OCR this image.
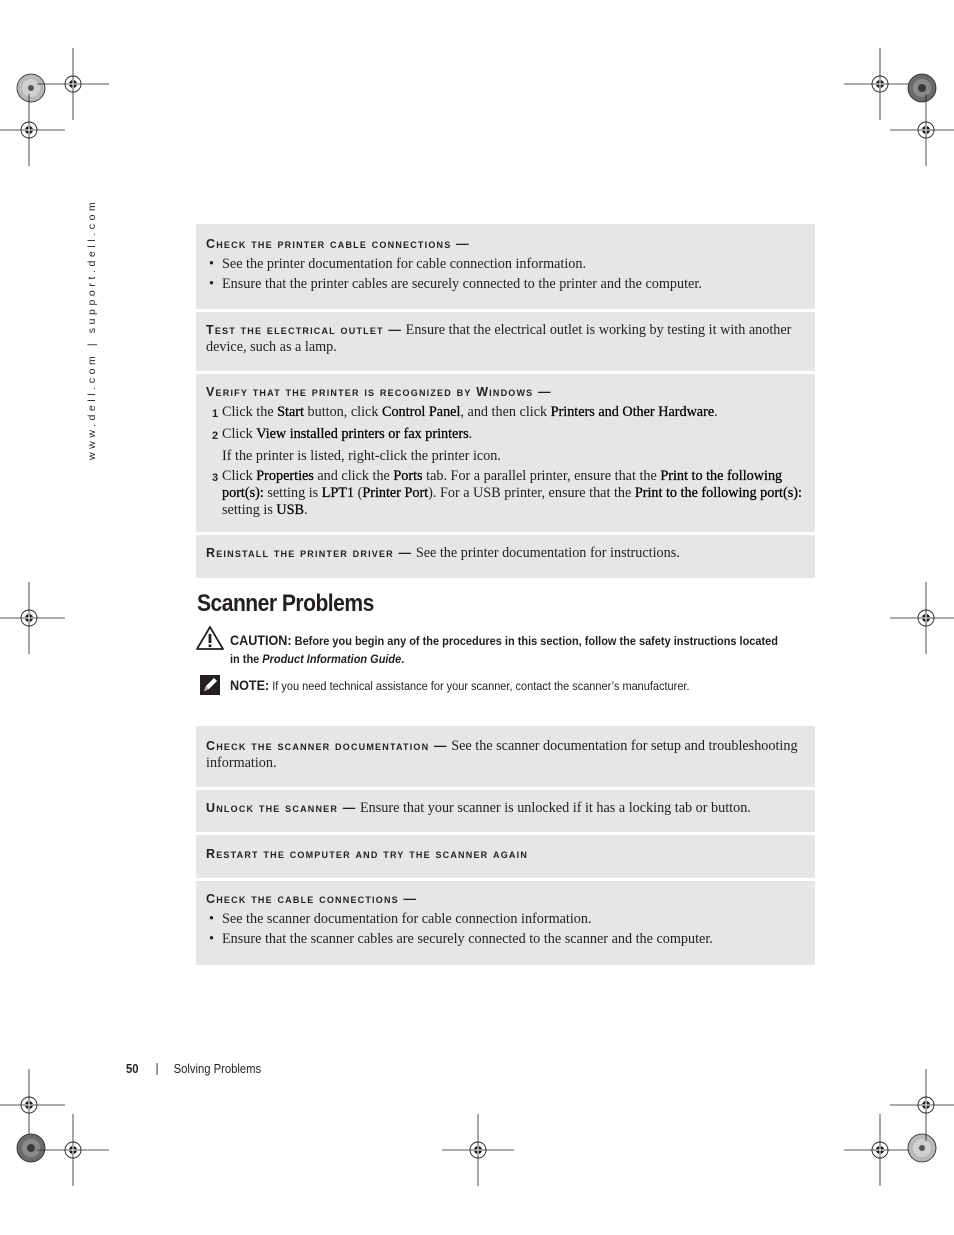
www.dell.com | support.dell.com	Check the printer cable connections —
• See the printer documentation for cable connection information.
• Ensure that the printer cables are securely connected to the printer and the computer.
Test the electrical outlet — Ensure that the electrical outlet is working by testing it with another device, such as a lamp.
Verify that the printer is recognized by Windows —
1 Click the Start button, click Control Panel, and then click Printers and Other Hardware.
2 Click View installed printers or fax printers.
If the printer is listed, right-click the printer icon.
3 Click Properties and click the Ports tab. For a parallel printer, ensure that the Print to the following port(s): setting is LPT1 (Printer Port). For a USB printer, ensure that the Print to the following port(s): setting is USB.
Reinstall the printer driver — See the printer documentation for instructions.
Scanner Problems
CAUTION: Before you begin any of the procedures in this section, follow the safety instructions located in the Product Information Guide.
NOTE: If you need technical assistance for your scanner, contact the scanner’s manufacturer.
Check the scanner documentation — See the scanner documentation for setup and troubleshooting information.
Unlock the scanner — Ensure that your scanner is unlocked if it has a locking tab or button.
Restart the computer and try the scanner again
Check the cable connections —
• See the scanner documentation for cable connection information.
• Ensure that the scanner cables are securely connected to the scanner and the computer.
50	Solving Problems
